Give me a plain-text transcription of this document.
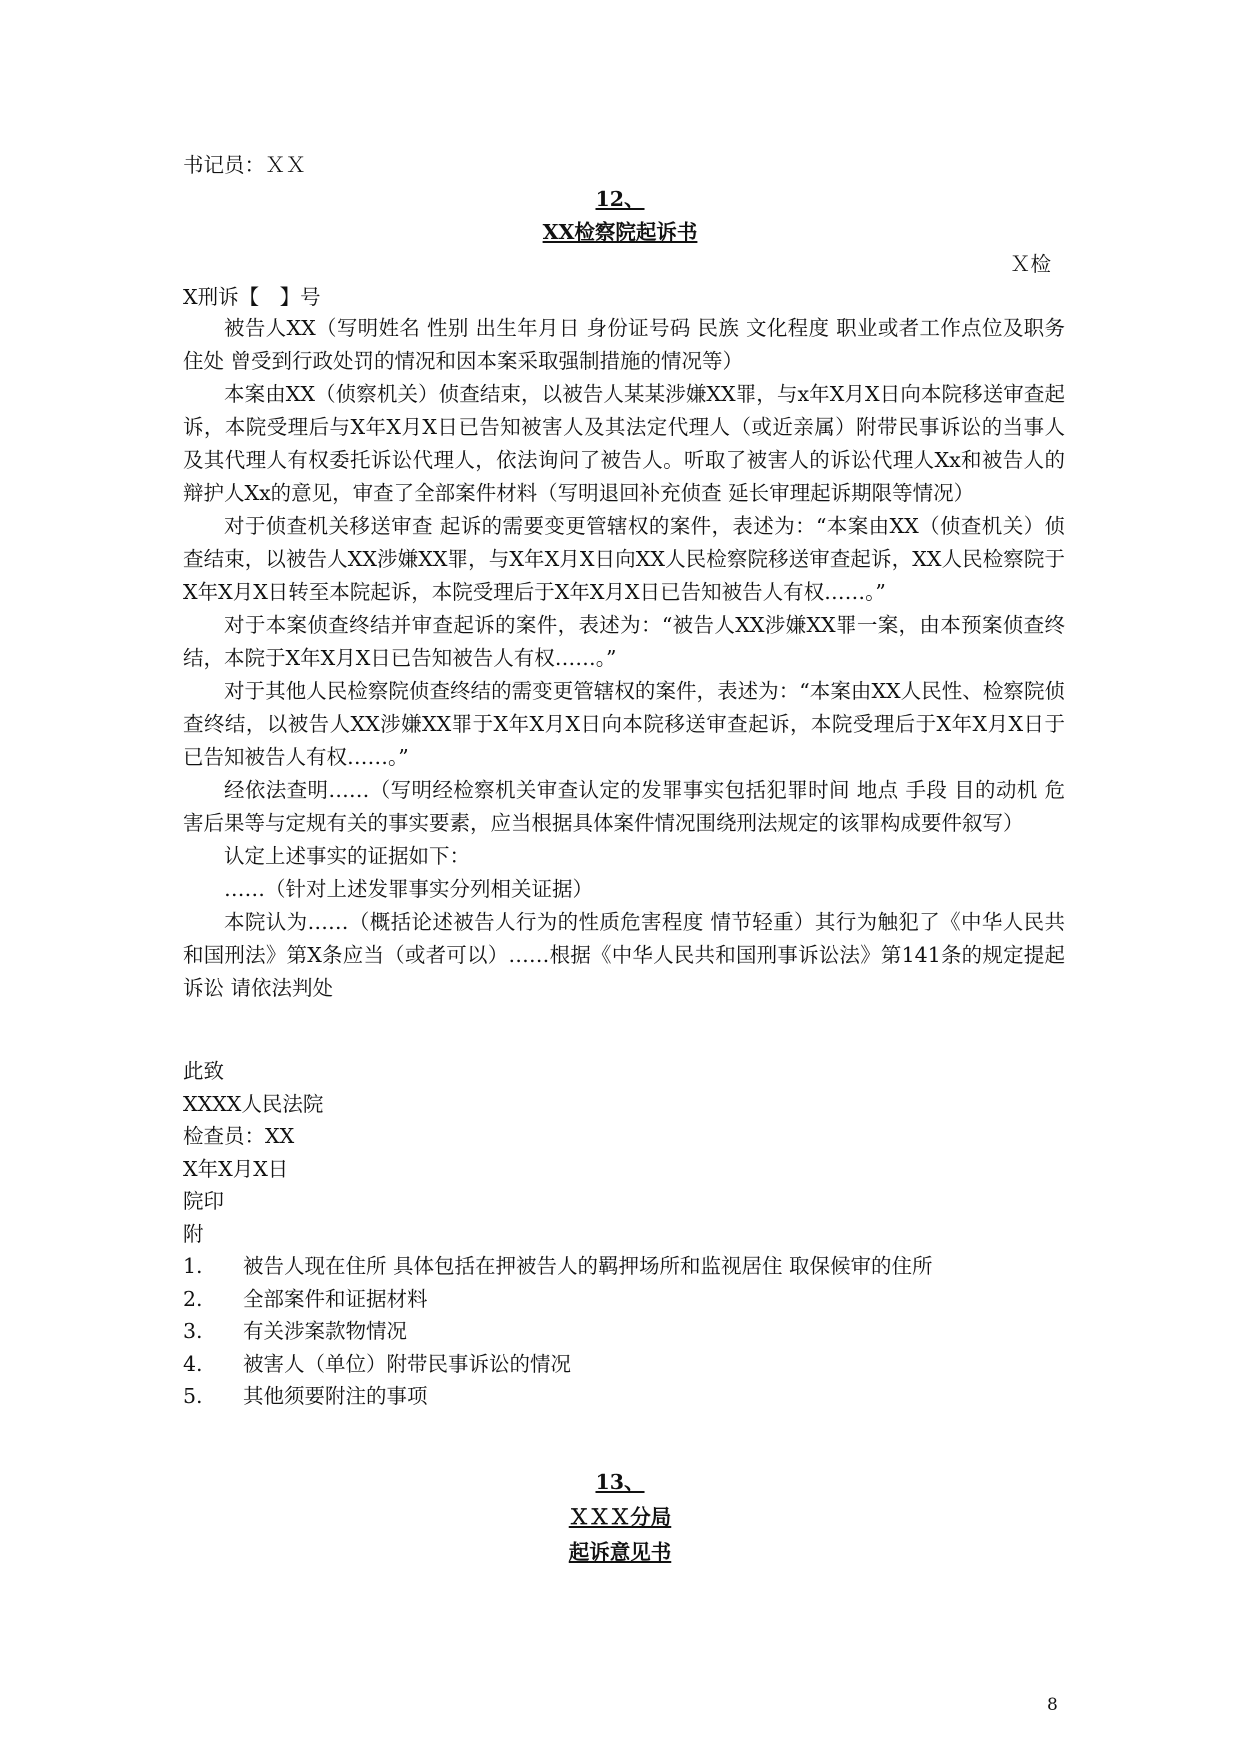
书记员：ＸＸ
12、
XX检察院起诉书
Ｘ检
X刑诉【　】号

被告人XX（写明姓名 性别 出生年月日 身份证号码 民族 文化程度 职业或者工作点位及职务 住处 曾受到行政处罚的情况和因本案采取强制措施的情况等）

本案由XX（侦察机关）侦查结束，以被告人某某涉嫌XX罪，与x年X月X日向本院移送审查起诉，本院受理后与X年X月X日已告知被害人及其法定代理人（或近亲属）附带民事诉讼的当事人及其代理人有权委托诉讼代理人，依法询问了被告人。听取了被害人的诉讼代理人Xx和被告人的辩护人Xx的意见，审查了全部案件材料（写明退回补充侦查 延长审理起诉期限等情况）

对于侦查机关移送审查 起诉的需要变更管辖权的案件，表述为：“本案由XX（侦查机关）侦查结束，以被告人XX涉嫌XX罪，与X年X月X日向XX人民检察院移送审查起诉，XX人民检察院于X年X月X日转至本院起诉，本院受理后于X年X月X日已告知被告人有权……。”

对于本案侦查终结并审查起诉的案件，表述为：“被告人XX涉嫌XX罪一案，由本预案侦查终结，本院于X年X月X日已告知被告人有权……。”

对于其他人民检察院侦查终结的需变更管辖权的案件，表述为：“本案由XX人民性、检察院侦查终结，以被告人XX涉嫌XX罪于X年X月X日向本院移送审查起诉，本院受理后于X年X月X日于已告知被告人有权……。”

经依法查明……（写明经检察机关审查认定的发罪事实包括犯罪时间 地点 手段 目的动机 危害后果等与定规有关的事实要素，应当根据具体案件情况围绕刑法规定的该罪构成要件叙写）

认定上述事实的证据如下：

……（针对上述发罪事实分列相关证据）

本院认为……（概括论述被告人行为的性质危害程度 情节轻重）其行为触犯了《中华人民共和国刑法》第X条应当（或者可以）……根据《中华人民共和国刑事诉讼法》第141条的规定提起诉讼 请依法判处

此致
XXXX人民法院
检查员：XX
X年X月X日
院印
附
1. 被告人现在住所 具体包括在押被告人的羁押场所和监视居住 取保候审的住所
2. 全部案件和证据材料
3. 有关涉案款物情况
4. 被害人（单位）附带民事诉讼的情况
5. 其他须要附注的事项
13、
ＸＸＸ分局
起诉意见书
8
